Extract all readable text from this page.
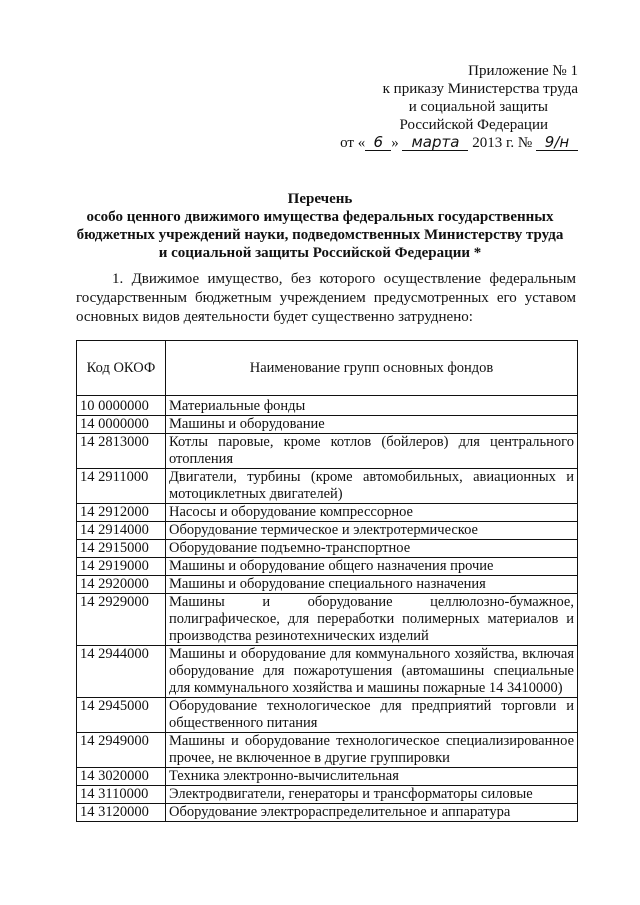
Приложение № 1
к приказу Министерства труда
и социальной защиты
Российской Федерации
от « 6 » марта 2013 г. № 9/н
Перечень
особо ценного движимого имущества федеральных государственных
бюджетных учреждений науки, подведомственных Министерству труда
и социальной защиты Российской Федерации *
1. Движимое имущество, без которого осуществление федеральным государственным бюджетным учреждением предусмотренных его уставом основных видов деятельности будет существенно затруднено:
Код ОКОФ	Наименование групп основных фондов
10 0000000	Материальные фонды
14 0000000	Машины и оборудование
14 2813000	Котлы паровые, кроме котлов (бойлеров) для центрального отопления
14 2911000	Двигатели, турбины (кроме автомобильных, авиационных и мотоциклетных двигателей)
14 2912000	Насосы и оборудование компрессорное
14 2914000	Оборудование термическое и электротермическое
14 2915000	Оборудование подъемно-транспортное
14 2919000	Машины и оборудование общего назначения прочие
14 2920000	Машины и оборудование специального назначения
14 2929000	Машины и оборудование целлюлозно-бумажное, полиграфическое, для переработки полимерных материалов и производства резинотехнических изделий
14 2944000	Машины и оборудование для коммунального хозяйства, включая оборудование для пожаротушения (автомашины специальные для коммунального хозяйства и машины пожарные 14 3410000)
14 2945000	Оборудование технологическое для предприятий торговли и общественного питания
14 2949000	Машины и оборудование технологическое специализированное прочее, не включенное в другие группировки
14 3020000	Техника электронно-вычислительная
14 3110000	Электродвигатели, генераторы и трансформаторы силовые
14 3120000	Оборудование электрораспределительное и аппаратура
